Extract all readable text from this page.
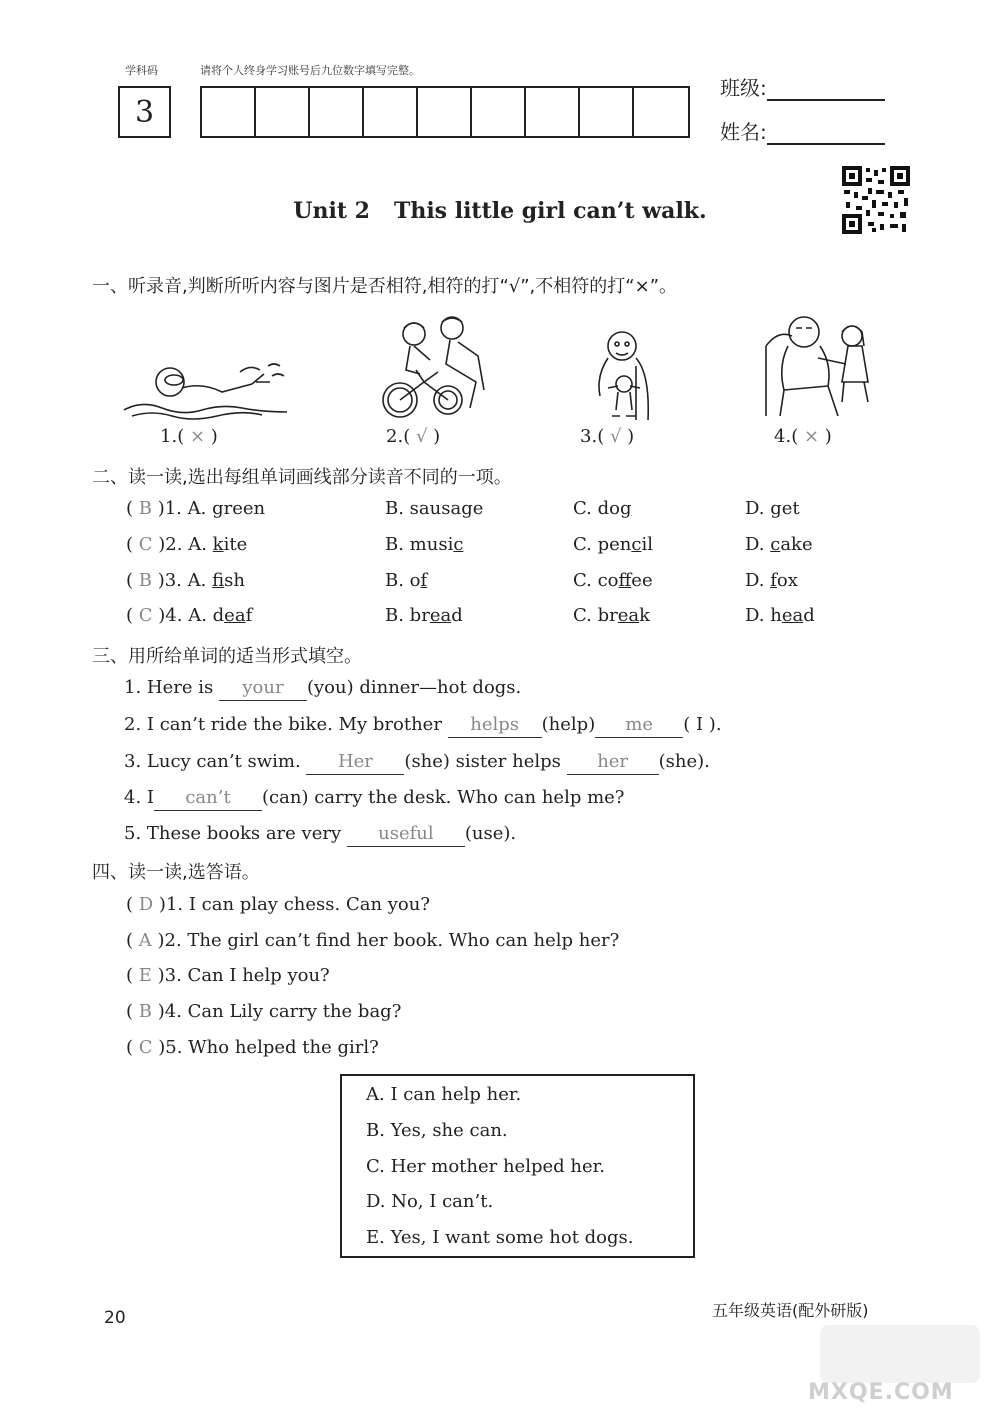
学科码	请将个人终身学习账号后九位数字填写完整。
3
班级:
姓名:
Unit 2 This little girl can’t walk.
一、听录音,判断所听内容与图片是否相符,相符的打“√”,不相符的打“×”。
1.( × )	2.( √ )	3.( √ )	4.( × )
二、读一读,选出每组单词画线部分读音不同的一项。
( B )1. A. green	B. sausage	C. dog	D. get
( C )2. A. kite	B. music	C. pencil	D. cake
( B )3. A. fish	B. of	C. coffee	D. fox
( C )4. A. deaf	B. bread	C. break	D. head
三、用所给单词的适当形式填空。
1. Here is your (you) dinner—hot dogs.
2. I can’t ride the bike. My brother helps (help) me ( I ).
3. Lucy can’t swim. Her (she) sister helps her (she).
4. I can’t (can) carry the desk. Who can help me?
5. These books are very useful (use).
四、读一读,选答语。
( D )1. I can play chess. Can you?
( A )2. The girl can’t find her book. Who can help her?
( E )3. Can I help you?
( B )4. Can Lily carry the bag?
( C )5. Who helped the girl?
A. I can help her.
B. Yes, she can.
C. Her mother helped her.
D. No, I can’t.
E. Yes, I want some hot dogs.
20	五年级英语(配外研版)
MXQE.COM
